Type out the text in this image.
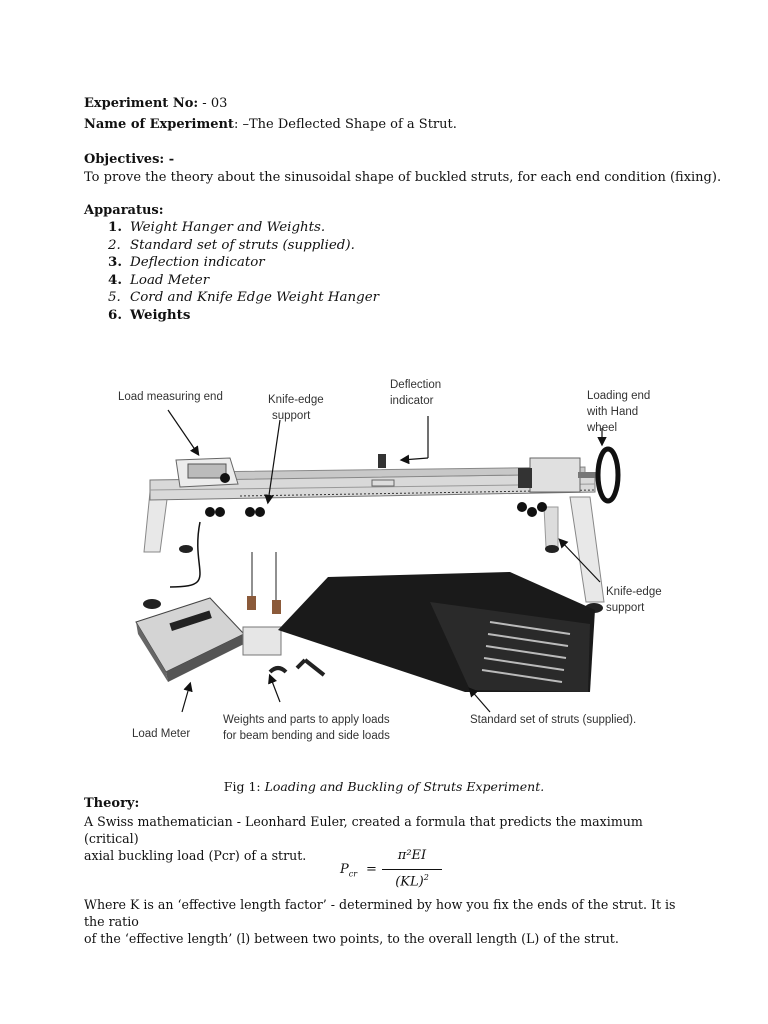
Experiment No: - 03
Name of Experiment: –The Deflected Shape of a Strut.
Objectives: -
To prove the theory about the sinusoidal shape of buckled struts, for each end condition (fixing).
Apparatus:
1. Weight Hanger and Weights.
2. Standard set of struts (supplied).
3. Deflection indicator
4. Load Meter
5. Cord and Knife Edge Weight Hanger
6. Weights
Load measuring end	Knife-edge
support
Deflection
indicator	Loading end
with Hand
wheel
Knife-edge
support
Load Meter
Weights and parts to apply loads
for beam bending and side loads
Standard set of struts (supplied).
Fig 1: Loading and Buckling of Struts Experiment.
Theory:
A Swiss mathematician - Leonhard Euler, created a formula that predicts the maximum (critical)
axial buckling load (Pcr) of a strut.
$P_{cr}$ =
π²EI
(KL)$^2$
Where K is an ‘effective length factor’ - determined by how you fix the ends of the strut. It is the ratio
of the ‘effective length’ (l) between two points, to the overall length (L) of the strut.
